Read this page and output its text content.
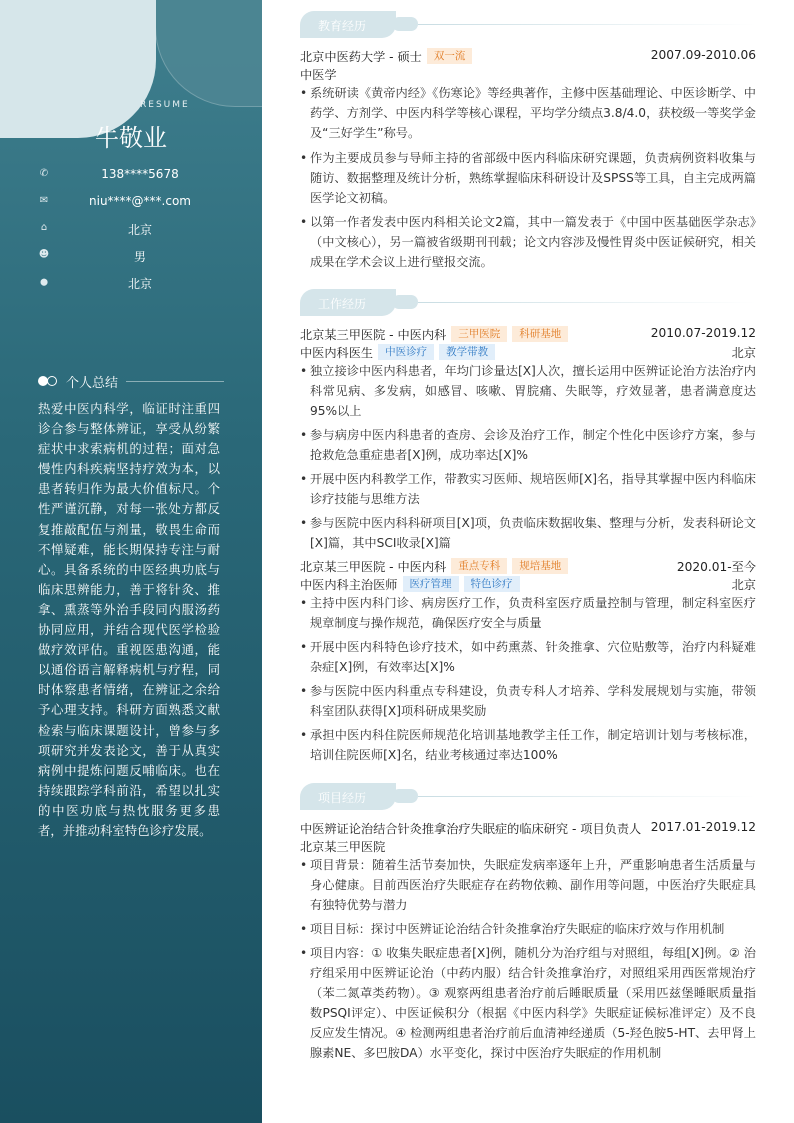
RESUME
牛敬业
✆	138****5678
✉	niu****@***.com
⌂	北京
☻	男
⬤	北京
个人总结
热爱中医内科学，临证时注重四诊合参与整体辨证，享受从纷繁症状中求索病机的过程；面对急慢性内科疾病坚持疗效为本，以患者转归作为最大价值标尺。个性严谨沉静，对每一张处方都反复推敲配伍与剂量，敬畏生命而不惮疑难，能长期保持专注与耐心。具备系统的中医经典功底与临床思辨能力，善于将针灸、推拿、熏蒸等外治手段同内服汤药协同应用，并结合现代医学检验做疗效评估。重视医患沟通，能以通俗语言解释病机与疗程，同时体察患者情绪，在辨证之余给予心理支持。科研方面熟悉文献检索与临床课题设计，曾参与多项研究并发表论文，善于从真实病例中提炼问题反哺临床。也在持续跟踪学科前沿，希望以扎实的中医功底与热忱服务更多患者，并推动科室特色诊疗发展。
教育经历
北京中医药大学 - 硕士 双一流	2007.09-2010.06
中医学
• 系统研读《黄帝内经》《伤寒论》等经典著作，主修中医基础理论、中医诊断学、中药学、方剂学、中医内科学等核心课程，平均学分绩点3.8/4.0，获校级一等奖学金及“三好学生”称号。
• 作为主要成员参与导师主持的省部级中医内科临床研究课题，负责病例资料收集与随访、数据整理及统计分析，熟练掌握临床科研设计及SPSS等工具，自主完成两篇医学论文初稿。
• 以第一作者发表中医内科相关论文2篇，其中一篇发表于《中国中医基础医学杂志》（中文核心），另一篇被省级期刊刊载；论文内容涉及慢性胃炎中医证候研究，相关成果在学术会议上进行壁报交流。
工作经历
北京某三甲医院 - 中医内科 三甲医院 科研基地	2010.07-2019.12
中医内科医生 中医诊疗 教学带教	北京
• 独立接诊中医内科患者，年均门诊量达[X]人次，擅长运用中医辨证论治方法治疗内科常见病、多发病，如感冒、咳嗽、胃脘痛、失眠等，疗效显著，患者满意度达95%以上
• 参与病房中医内科患者的查房、会诊及治疗工作，制定个性化中医诊疗方案，参与抢救危急重症患者[X]例，成功率达[X]%
• 开展中医内科教学工作，带教实习医师、规培医师[X]名，指导其掌握中医内科临床诊疗技能与思维方法
• 参与医院中医内科科研项目[X]项，负责临床数据收集、整理与分析，发表科研论文[X]篇，其中SCI收录[X]篇
北京某三甲医院 - 中医内科 重点专科 规培基地	2020.01-至今
中医内科主治医师 医疗管理 特色诊疗	北京
• 主持中医内科门诊、病房医疗工作，负责科室医疗质量控制与管理，制定科室医疗规章制度与操作规范，确保医疗安全与质量
• 开展中医内科特色诊疗技术，如中药熏蒸、针灸推拿、穴位贴敷等，治疗内科疑难杂症[X]例，有效率达[X]%
• 参与医院中医内科重点专科建设，负责专科人才培养、学科发展规划与实施，带领科室团队获得[X]项科研成果奖励
• 承担中医内科住院医师规范化培训基地教学主任工作，制定培训计划与考核标准，培训住院医师[X]名，结业考核通过率达100%
项目经历
中医辨证论治结合针灸推拿治疗失眠症的临床研究 - 项目负责人 2017.01-2019.12
北京某三甲医院
• 项目背景：随着生活节奏加快，失眠症发病率逐年上升，严重影响患者生活质量与身心健康。目前西医治疗失眠症存在药物依赖、副作用等问题，中医治疗失眠症具有独特优势与潜力
• 项目目标：探讨中医辨证论治结合针灸推拿治疗失眠症的临床疗效与作用机制
• 项目内容：① 收集失眠症患者[X]例，随机分为治疗组与对照组，每组[X]例。② 治疗组采用中医辨证论治（中药内服）结合针灸推拿治疗，对照组采用西医常规治疗（苯二氮䓬类药物）。③ 观察两组患者治疗前后睡眠质量（采用匹兹堡睡眠质量指数PSQI评定）、中医证候积分（根据《中医内科学》失眠症证候标准评定）及不良反应发生情况。④ 检测两组患者治疗前后血清神经递质（5-羟色胺5-HT、去甲肾上腺素NE、多巴胺DA）水平变化，探讨中医治疗失眠症的作用机制
